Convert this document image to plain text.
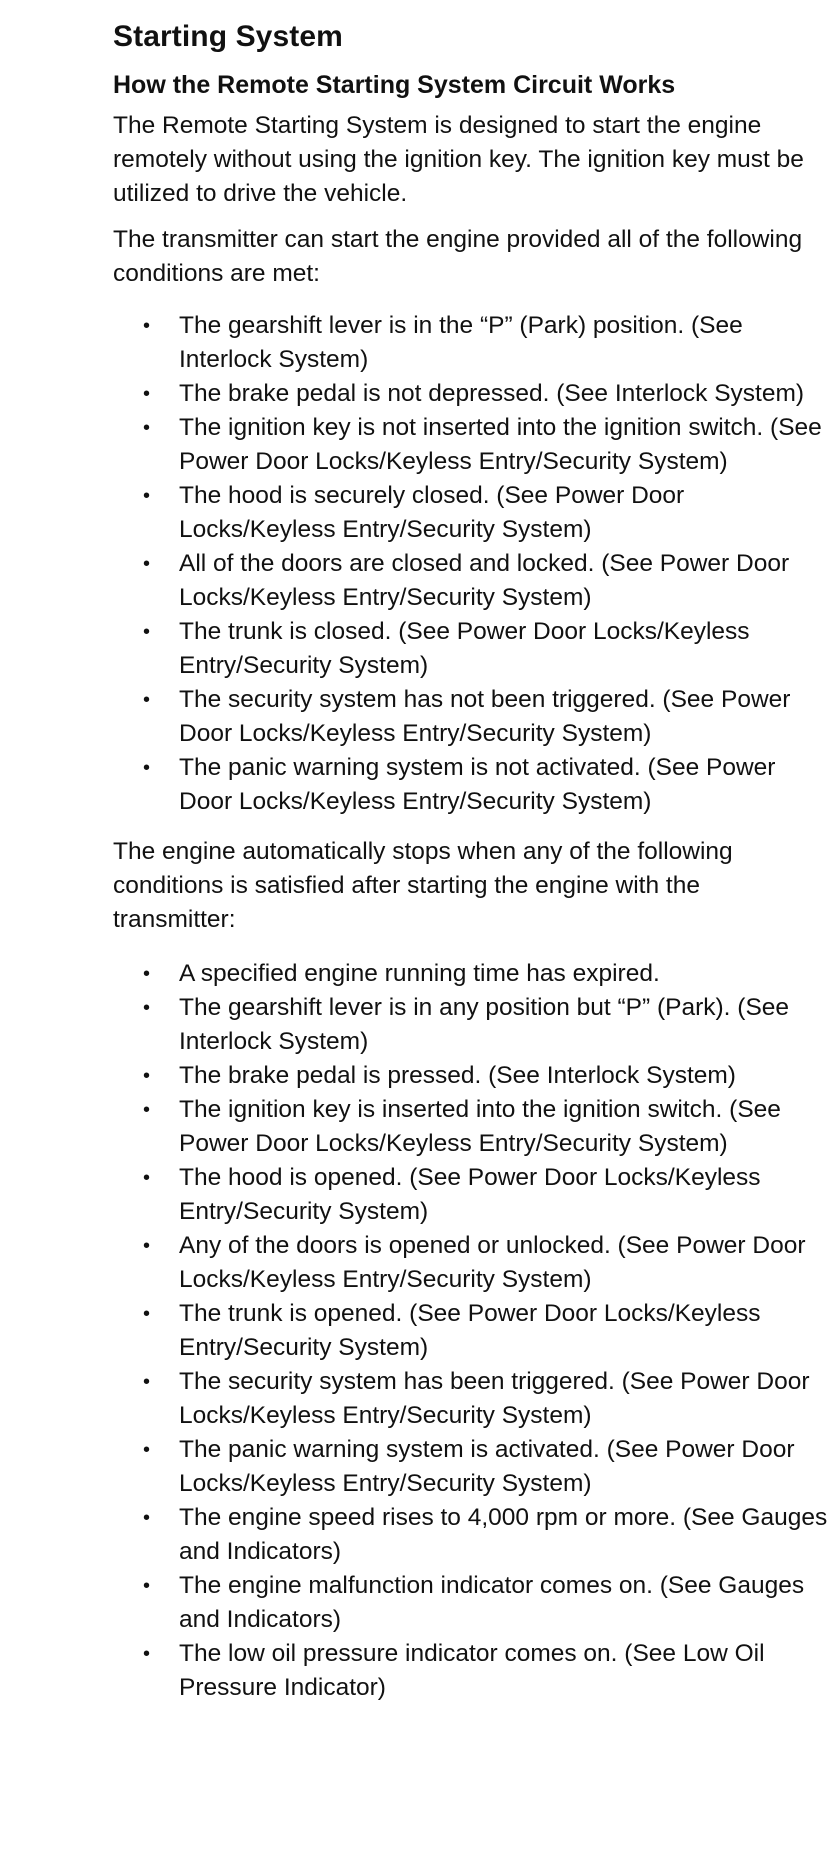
Starting System
How the Remote Starting System Circuit Works

The Remote Starting System is designed to start the engine remotely without using the ignition key. The ignition key must be utilized to drive the vehicle.

The transmitter can start the engine provided all of the following conditions are met:

• The gearshift lever is in the “P” (Park) position. (See Interlock System)
• The brake pedal is not depressed. (See Interlock System)
• The ignition key is not inserted into the ignition switch. (See Power Door Locks/Keyless Entry/Security System)
• The hood is securely closed. (See Power Door Locks/Keyless Entry/Security System)
• All of the doors are closed and locked. (See Power Door Locks/Keyless Entry/Security System)
• The trunk is closed. (See Power Door Locks/Keyless Entry/Security System)
• The security system has not been triggered. (See Power Door Locks/Keyless Entry/Security System)
• The panic warning system is not activated. (See Power Door Locks/Keyless Entry/Security System)

The engine automatically stops when any of the following conditions is satisfied after starting the engine with the transmitter:

• A specified engine running time has expired.
• The gearshift lever is in any position but “P” (Park). (See Interlock System)
• The brake pedal is pressed. (See Interlock System)
• The ignition key is inserted into the ignition switch. (See Power Door Locks/Keyless Entry/Security System)
• The hood is opened. (See Power Door Locks/Keyless Entry/Security System)
• Any of the doors is opened or unlocked. (See Power Door Locks/Keyless Entry/Security System)
• The trunk is opened. (See Power Door Locks/Keyless Entry/Security System)
• The security system has been triggered. (See Power Door Locks/Keyless Entry/Security System)
• The panic warning system is activated. (See Power Door Locks/Keyless Entry/Security System)
• The engine speed rises to 4,000 rpm or more. (See Gauges and Indicators)
• The engine malfunction indicator comes on. (See Gauges and Indicators)
• The low oil pressure indicator comes on. (See Low Oil Pressure Indicator)
